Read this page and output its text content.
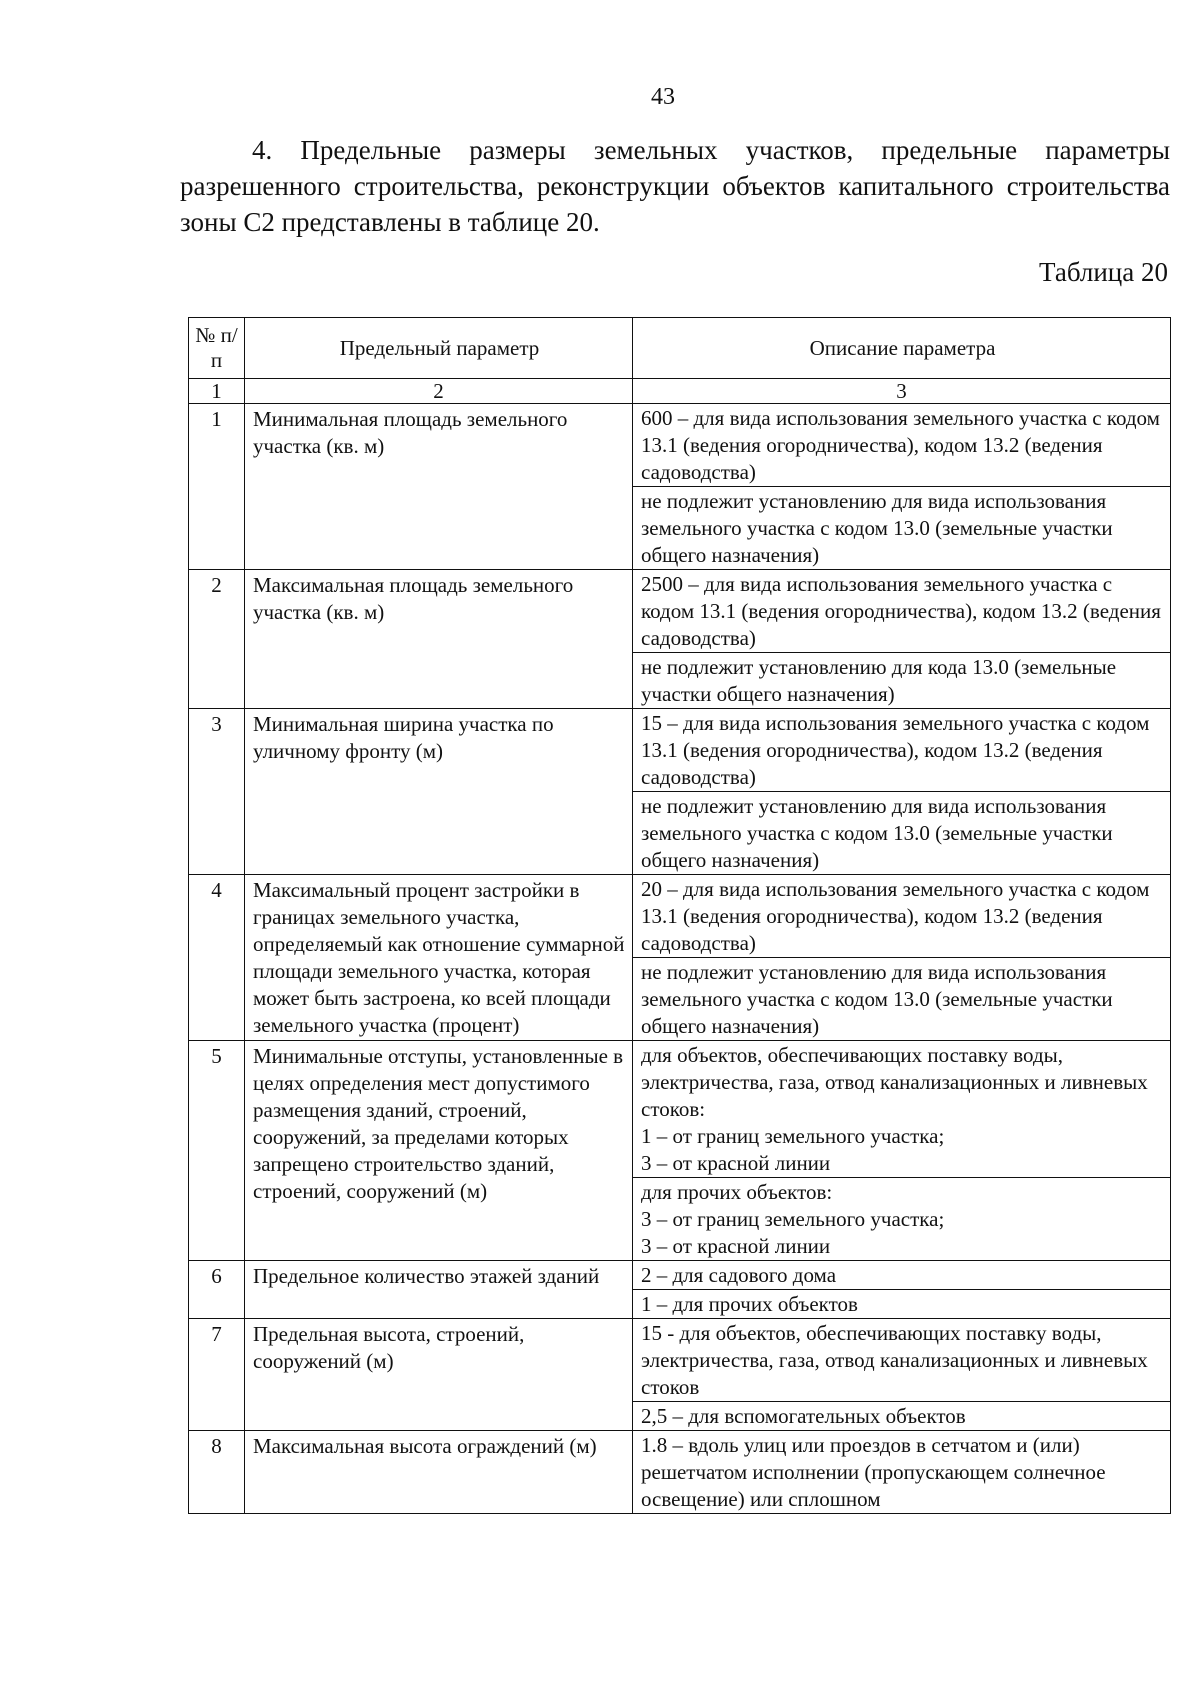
43

4. Предельные размеры земельных участков, предельные параметры разрешенного строительства, реконструкции объектов капитального строительства зоны С2 представлены в таблице 20.

Таблица 20
№ п/п	Предельный параметр	Описание параметра
1	2	3
1	Минимальная площадь земельного участка (кв. м)	600 – для вида использования земельного участка с кодом 13.1 (ведения огородничества), кодом 13.2 (ведения садоводства)
		не подлежит установлению для вида использования земельного участка с кодом 13.0 (земельные участки общего назначения)
2	Максимальная площадь земельного участка (кв. м)	2500 – для вида использования земельного участка с кодом 13.1 (ведения огородничества), кодом 13.2 (ведения садоводства)
		не подлежит установлению для кода 13.0 (земельные участки общего назначения)
3	Минимальная ширина участка по уличному фронту (м)	15 – для вида использования земельного участка с кодом 13.1 (ведения огородничества), кодом 13.2 (ведения садоводства)
		не подлежит установлению для вида использования земельного участка с кодом 13.0 (земельные участки общего назначения)
4	Максимальный процент застройки в границах земельного участка, определяемый как отношение суммарной площади земельного участка, которая может быть застроена, ко всей площади земельного участка (процент)	20 – для вида использования земельного участка с кодом 13.1 (ведения огородничества), кодом 13.2 (ведения садоводства)
		не подлежит установлению для вида использования земельного участка с кодом 13.0 (земельные участки общего назначения)
5	Минимальные отступы, установленные в целях определения мест допустимого размещения зданий, строений, сооружений, за пределами которых запрещено строительство зданий, строений, сооружений (м)	для объектов, обеспечивающих поставку воды, электричества, газа, отвод канализационных и ливневых стоков:
1 – от границ земельного участка;
3 – от красной линии
		для прочих объектов:
3 – от границ земельного участка;
3 – от красной линии
6	Предельное количество этажей зданий	2 – для садового дома
		1 – для прочих объектов
7	Предельная высота, строений, сооружений (м)	15 - для объектов, обеспечивающих поставку воды, электричества, газа, отвод канализационных и ливневых стоков
		2,5 – для вспомогательных объектов
8	Максимальная высота ограждений (м)	1.8 – вдоль улиц или проездов в сетчатом и (или) решетчатом исполнении (пропускающем солнечное освещение) или сплошном
